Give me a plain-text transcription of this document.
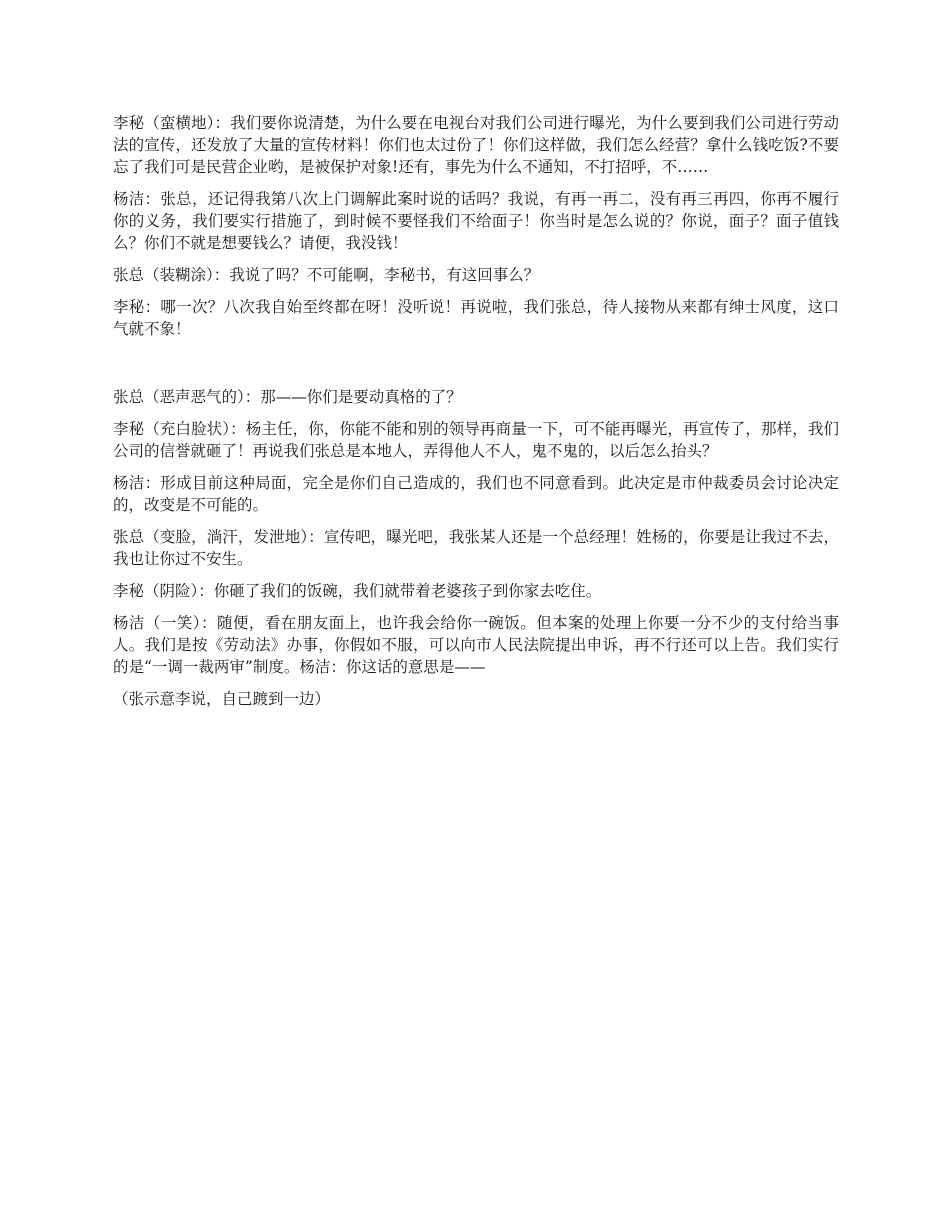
李秘（蛮横地）：我们要你说清楚，为什么要在电视台对我们公司进行曝光，为什么要到我们公司进行劳动法的宣传，还发放了大量的宣传材料！你们也太过份了！你们这样做，我们怎么经营？拿什么钱吃饭?不要忘了我们可是民营企业哟，是被保护对象!还有，事先为什么不通知，不打招呼，不……

杨洁：张总，还记得我第八次上门调解此案时说的话吗？我说，有再一再二，没有再三再四，你再不履行你的义务，我们要实行措施了，到时候不要怪我们不给面子！你当时是怎么说的？你说，面子？面子值钱么？你们不就是想要钱么？请便，我没钱！

张总（装糊涂）：我说了吗？不可能啊，李秘书，有这回事么？

李秘：哪一次？八次我自始至终都在呀！没听说！再说啦，我们张总，待人接物从来都有绅士风度，这口气就不象！

张总（恶声恶气的）：那——你们是要动真格的了？

李秘（充白脸状）：杨主任，你，你能不能和别的领导再商量一下，可不能再曝光，再宣传了，那样，我们公司的信誉就砸了！再说我们张总是本地人，弄得他人不人，鬼不鬼的，以后怎么抬头？

杨洁：形成目前这种局面，完全是你们自己造成的，我们也不同意看到。此决定是市仲裁委员会讨论决定的，改变是不可能的。

张总（变脸，淌汗，发泄地）：宣传吧，曝光吧，我张某人还是一个总经理！姓杨的，你要是让我过不去，我也让你过不安生。

李秘（阴险）：你砸了我们的饭碗，我们就带着老婆孩子到你家去吃住。

杨洁（一笑）：随便，看在朋友面上，也许我会给你一碗饭。但本案的处理上你要一分不少的支付给当事人。我们是按《劳动法》办事，你假如不服，可以向市人民法院提出申诉，再不行还可以上告。我们实行的是“一调一裁两审”制度。杨洁：你这话的意思是——

（张示意李说，自己踱到一边）
